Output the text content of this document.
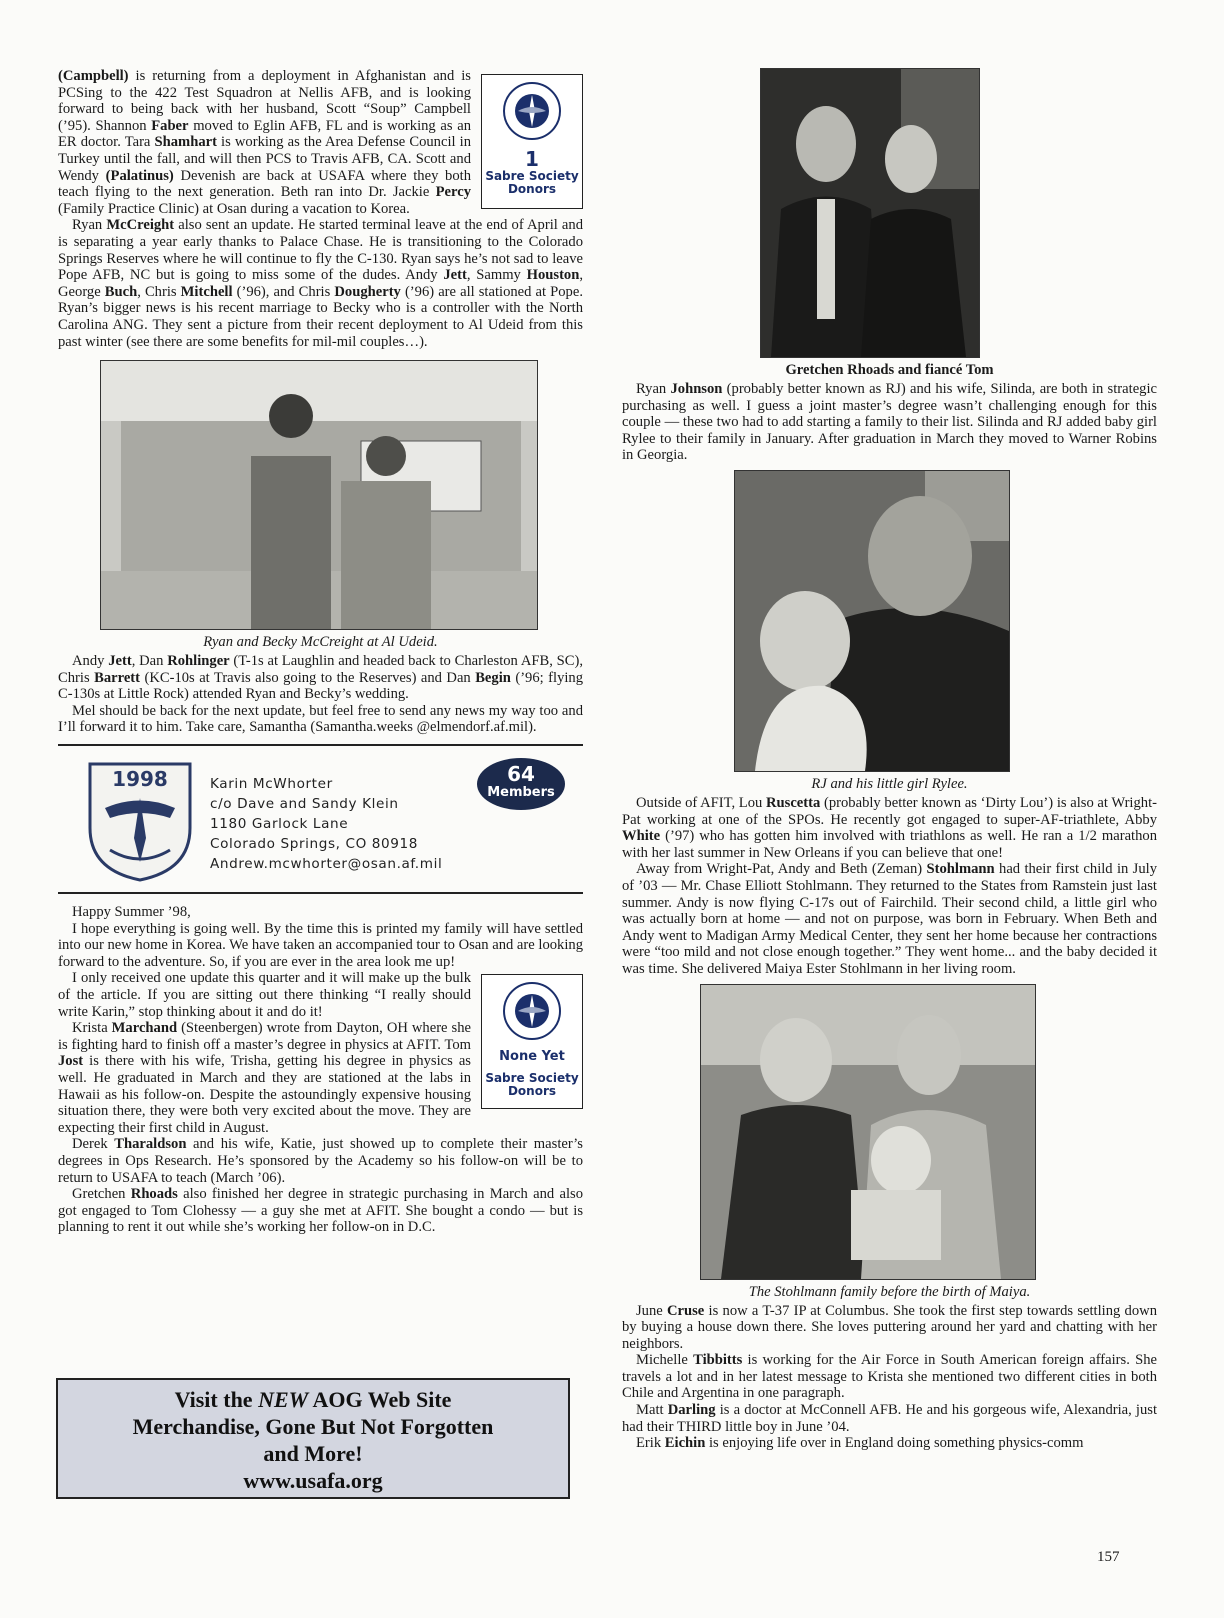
1
Sabre Society
Donors

(Campbell) is returning from a deployment in Afghanistan and is PCSing to the 422 Test Squadron at Nellis AFB, and is looking forward to being back with her husband, Scott “Soup” Campbell (’95). Shannon Faber moved to Eglin AFB, FL and is working as an ER doctor. Tara Shamhart is working as the Area Defense Council in Turkey until the fall, and will then PCS to Travis AFB, CA. Scott and Wendy (Palatinus) Devenish are back at USAFA where they both teach flying to the next generation. Beth ran into Dr. Jackie Percy (Family Practice Clinic) at Osan during a vacation to Korea.

Ryan McCreight also sent an update. He started terminal leave at the end of April and is separating a year early thanks to Palace Chase. He is transitioning to the Colorado Springs Reserves where he will continue to fly the C-130. Ryan says he’s not sad to leave Pope AFB, NC but is going to miss some of the dudes. Andy Jett, Sammy Houston, George Buch, Chris Mitchell (’96), and Chris Dougherty (’96) are all stationed at Pope. Ryan’s bigger news is his recent marriage to Becky who is a controller with the North Carolina ANG. They sent a picture from their recent deployment to Al Udeid from this past winter (see there are some benefits for mil-mil couples…).

Ryan and Becky McCreight at Al Udeid.

Andy Jett, Dan Rohlinger (T-1s at Laughlin and headed back to Charleston AFB, SC), Chris Barrett (KC-10s at Travis also going to the Reserves) and Dan Begin (’96; flying C-130s at Little Rock) attended Ryan and Becky’s wedding.

Mel should be back for the next update, but feel free to send any news my way too and I’ll forward it to him. Take care, Samantha (Samantha.weeks @elmendorf.af.mil).

1998	Karin McWhorter
c/o Dave and Sandy Klein
1180 Garlock Lane
Colorado Springs, CO 80918
Andrew.mcwhorter@osan.af.mil
64
Members

Happy Summer ’98,

I hope everything is going well. By the time this is printed my family will have settled into our new home in Korea. We have taken an accompanied tour to Osan and are looking forward to the adventure. So, if you are ever in the area look me up!

None Yet
Sabre Society
Donors

I only received one update this quarter and it will make up the bulk of the article. If you are sitting out there thinking “I really should write Karin,” stop thinking about it and do it!

Krista Marchand (Steenbergen) wrote from Dayton, OH where she is fighting hard to finish off a master’s degree in physics at AFIT. Tom Jost is there with his wife, Trisha, getting his degree in physics as well. He graduated in March and they are stationed at the labs in Hawaii as his follow-on. Despite the astoundingly expensive housing situation there, they were both very excited about the move. They are expecting their first child in August.

Derek Tharaldson and his wife, Katie, just showed up to complete their master’s degrees in Ops Research. He’s sponsored by the Academy so his follow-on will be to return to USAFA to teach (March ’06).

Gretchen Rhoads also finished her degree in strategic purchasing in March and also got engaged to Tom Clohessy — a guy she met at AFIT. She bought a condo — but is planning to rent it out while she’s working her follow-on in D.C.

Visit the NEW AOG Web Site
Merchandise, Gone But Not Forgotten
and More!
www.usafa.org
Gretchen Rhoads and fiancé Tom

Ryan Johnson (probably better known as RJ) and his wife, Silinda, are both in strategic purchasing as well. I guess a joint master’s degree wasn’t challenging enough for this couple — these two had to add starting a family to their list. Silinda and RJ added baby girl Rylee to their family in January. After graduation in March they moved to Warner Robins in Georgia.

RJ and his little girl Rylee.

Outside of AFIT, Lou Ruscetta (probably better known as ‘Dirty Lou’) is also at Wright-Pat working at one of the SPOs. He recently got engaged to super-AF-triathlete, Abby White (’97) who has gotten him involved with triathlons as well. He ran a 1/2 marathon with her last summer in New Orleans if you can believe that one!

Away from Wright-Pat, Andy and Beth (Zeman) Stohlmann had their first child in July of ’03 — Mr. Chase Elliott Stohlmann. They returned to the States from Ramstein just last summer. Andy is now flying C-17s out of Fairchild. Their second child, a little girl who was actually born at home — and not on purpose, was born in February. When Beth and Andy went to Madigan Army Medical Center, they sent her home because her contractions were “too mild and not close enough together.” They went home... and the baby decided it was time. She delivered Maiya Ester Stohlmann in her living room.

The Stohlmann family before the birth of Maiya.

June Cruse is now a T-37 IP at Columbus. She took the first step towards settling down by buying a house down there. She loves puttering around her yard and chatting with her neighbors.

Michelle Tibbitts is working for the Air Force in South American foreign affairs. She travels a lot and in her latest message to Krista she mentioned two different cities in both Chile and Argentina in one paragraph.

Matt Darling is a doctor at McConnell AFB. He and his gorgeous wife, Alexandria, just had their THIRD little boy in June ’04.

Erik Eichin is enjoying life over in England doing something physics-comm

157
